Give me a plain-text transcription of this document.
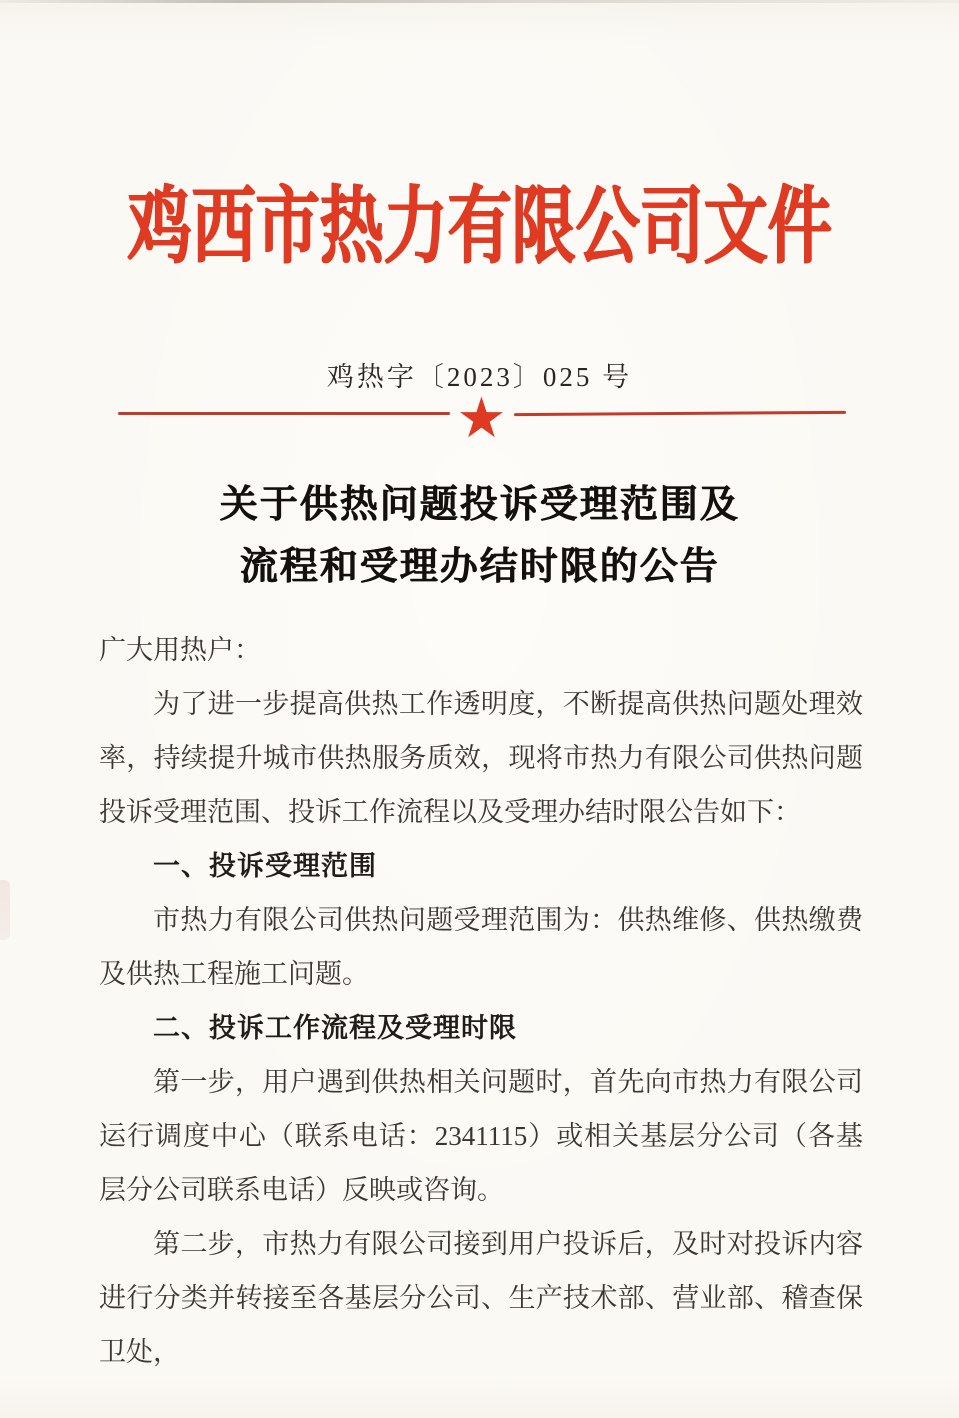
鸡西市热力有限公司文件
鸡热字〔2023〕025 号
★
关于供热问题投诉受理范围及
流程和受理办结时限的公告

广大用热户：

为了进一步提高供热工作透明度，不断提高供热问题处理效率，持续提升城市供热服务质效，现将市热力有限公司供热问题投诉受理范围、投诉工作流程以及受理办结时限公告如下：

一、投诉受理范围

市热力有限公司供热问题受理范围为：供热维修、供热缴费及供热工程施工问题。

二、投诉工作流程及受理时限

第一步，用户遇到供热相关问题时，首先向市热力有限公司运行调度中心（联系电话：2341115）或相关基层分公司（各基层分公司联系电话）反映或咨询。

第二步，市热力有限公司接到用户投诉后，及时对投诉内容进行分类并转接至各基层分公司、生产技术部、营业部、稽查保卫处，
